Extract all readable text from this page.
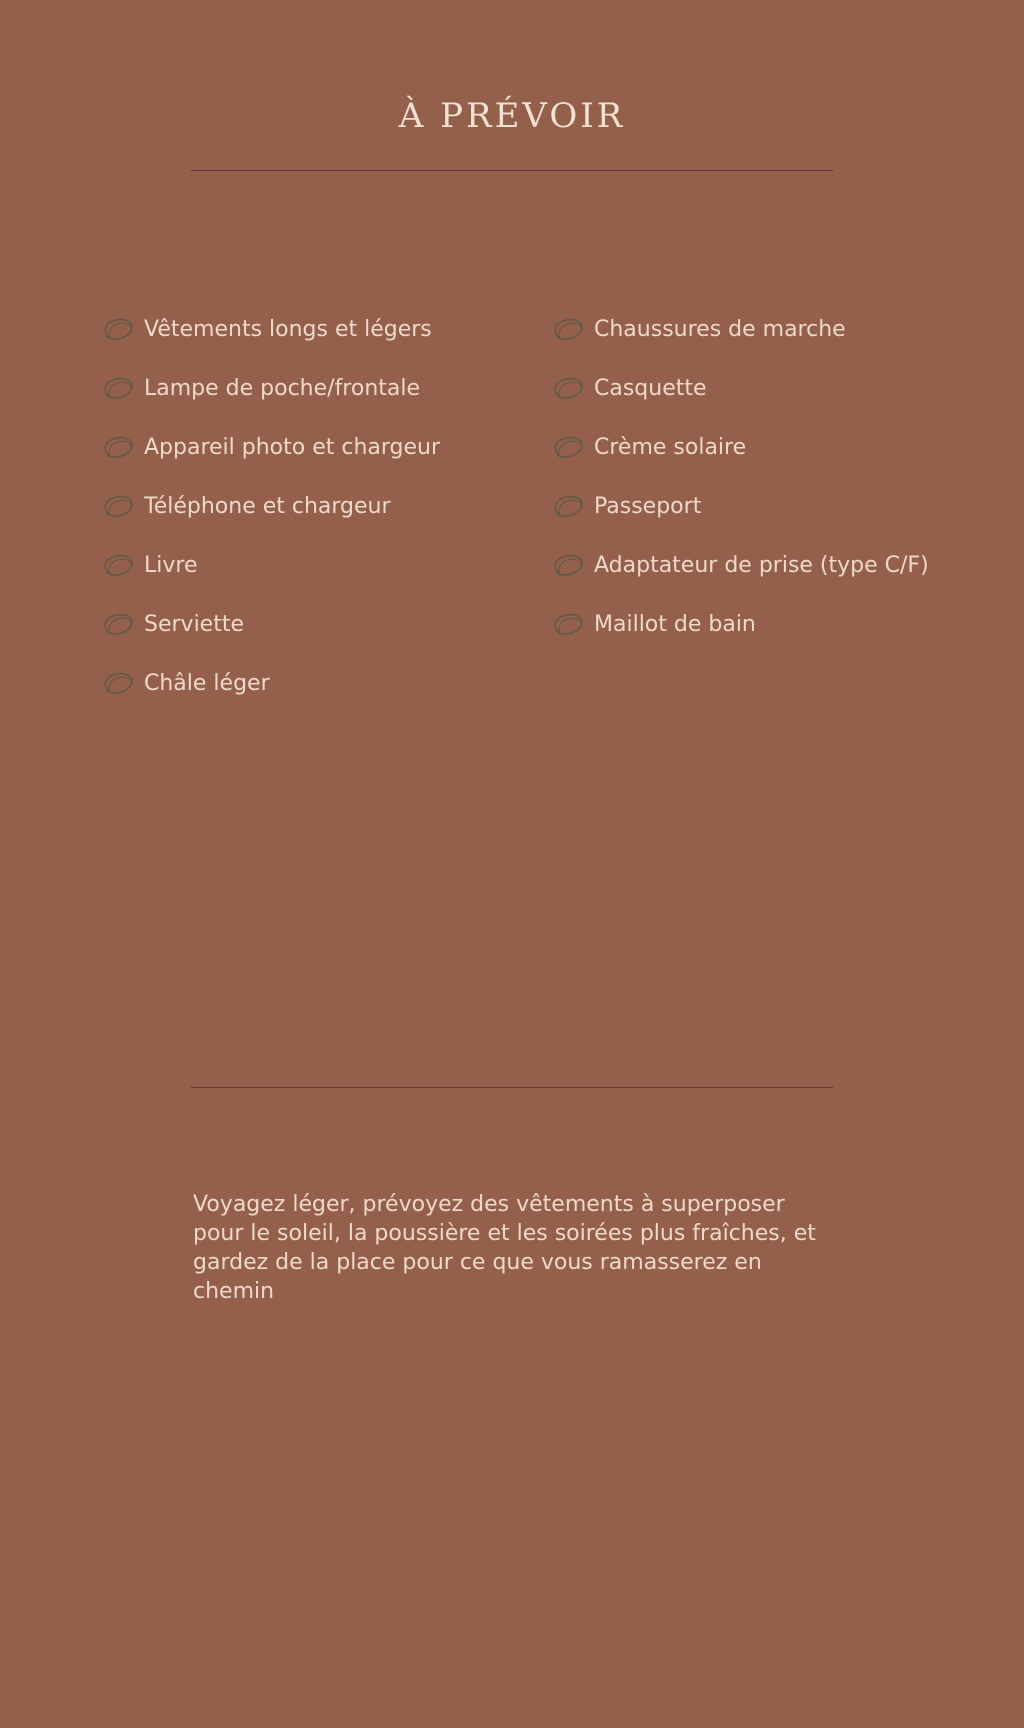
À PRÉVOIR
Vêtements longs et légers
Lampe de poche/frontale
Appareil photo et chargeur
Téléphone et chargeur
Livre
Serviette
Châle léger
Chaussures de marche
Casquette
Crème solaire
Passeport
Adaptateur de prise (type C/F)
Maillot de bain
Voyagez léger, prévoyez des vêtements à superposer pour le soleil, la poussière et les soirées plus fraîches, et gardez de la place pour ce que vous ramasserez en chemin
